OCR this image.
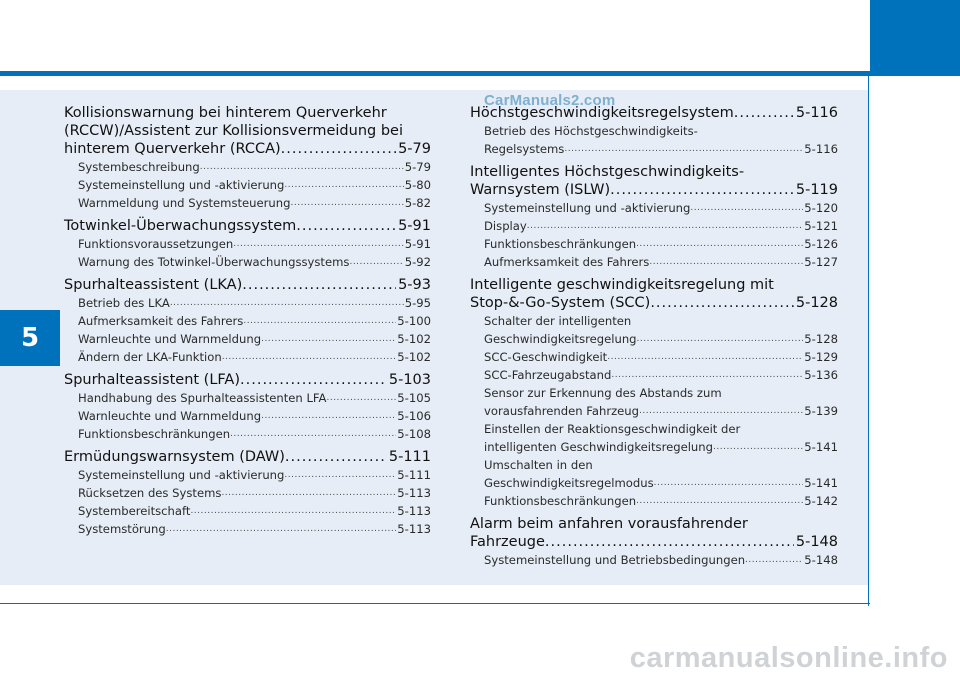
5
Kollisionswarnung bei hinterem Querverkehr
(RCCW)/Assistent zur Kollisionsvermeidung bei
hinterem Querverkehr (RCCA) .....	5-79
Systembeschreibung .....	5-79
Systemeinstellung und -aktivierung .....	5-80
Warnmeldung und Systemsteuerung .....	5-82
Totwinkel-Überwachungssystem .....	5-91
Funktionsvoraussetzungen .....	5-91
Warnung des Totwinkel-Überwachungssystems .....	5-92
Spurhalteassistent (LKA) .....	5-93
Betrieb des LKA .....	5-95
Aufmerksamkeit des Fahrers .....	5-100
Warnleuchte und Warnmeldung .....	5-102
Ändern der LKA-Funktion .....	5-102
Spurhalteassistent (LFA) .....	5-103
Handhabung des Spurhalteassistenten LFA .....	5-105
Warnleuchte und Warnmeldung .....	5-106
Funktionsbeschränkungen .....	5-108
Ermüdungswarnsystem (DAW) .....	5-111
Systemeinstellung und -aktivierung .....	5-111
Rücksetzen des Systems .....	5-113
Systembereitschaft .....	5-113
Systemstörung .....	5-113
Höchstgeschwindigkeitsregelsystem .....	5-116
Betrieb des Höchstgeschwindigkeits-
Regelsystems .....	5-116
Intelligentes Höchstgeschwindigkeits-
Warnsystem (ISLW) .....	5-119
Systemeinstellung und -aktivierung .....	5-120
Display .....	5-121
Funktionsbeschränkungen .....	5-126
Aufmerksamkeit des Fahrers .....	5-127
Intelligente geschwindigkeitsregelung mit
Stop-&-Go-System (SCC) .....	5-128
Schalter der intelligenten
Geschwindigkeitsregelung .....	5-128
SCC-Geschwindigkeit .....	5-129
SCC-Fahrzeugabstand .....	5-136
Sensor zur Erkennung des Abstands zum
vorausfahrenden Fahrzeug .....	5-139
Einstellen der Reaktionsgeschwindigkeit der
intelligenten Geschwindigkeitsregelung .....	5-141
Umschalten in den
Geschwindigkeitsregelmodus .....	5-141
Funktionsbeschränkungen .....	5-142
Alarm beim anfahren vorausfahrender
Fahrzeuge .....	5-148
Systemeinstellung und Betriebsbedingungen .....	5-148
CarManuals2.com
carmanualsonline.info
